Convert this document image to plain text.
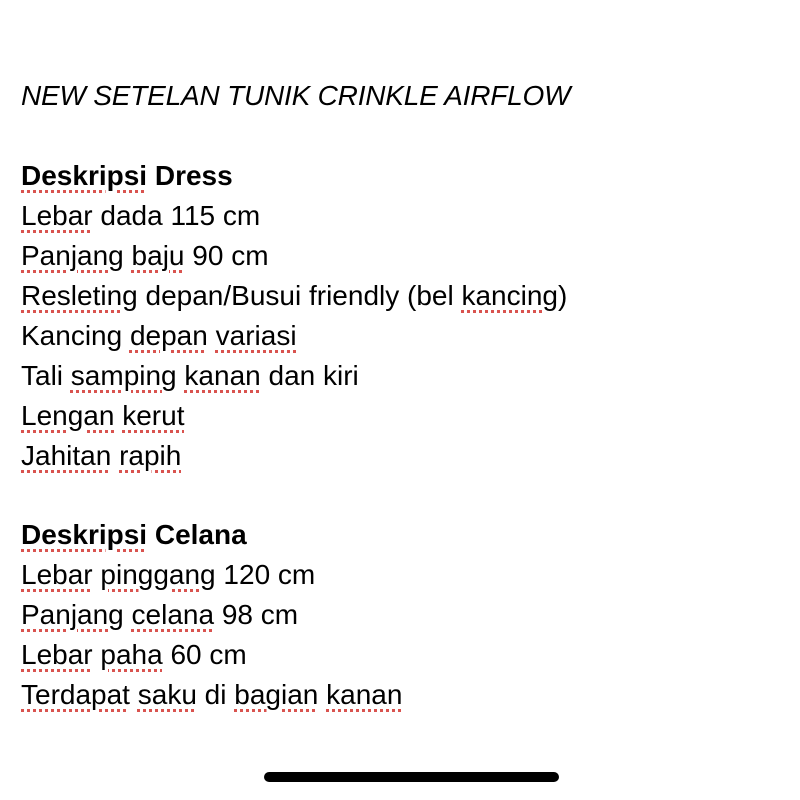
NEW SETELAN TUNIK CRINKLE AIRFLOW
Deskripsi Dress
Lebar dada 115 cm
Panjang baju 90 cm
Resleting depan/Busui friendly (bel kancing)
Kancing depan variasi
Tali samping kanan dan kiri
Lengan kerut
Jahitan rapih
Deskripsi Celana
Lebar pinggang 120 cm
Panjang celana 98 cm
Lebar paha 60 cm
Terdapat saku di bagian kanan
